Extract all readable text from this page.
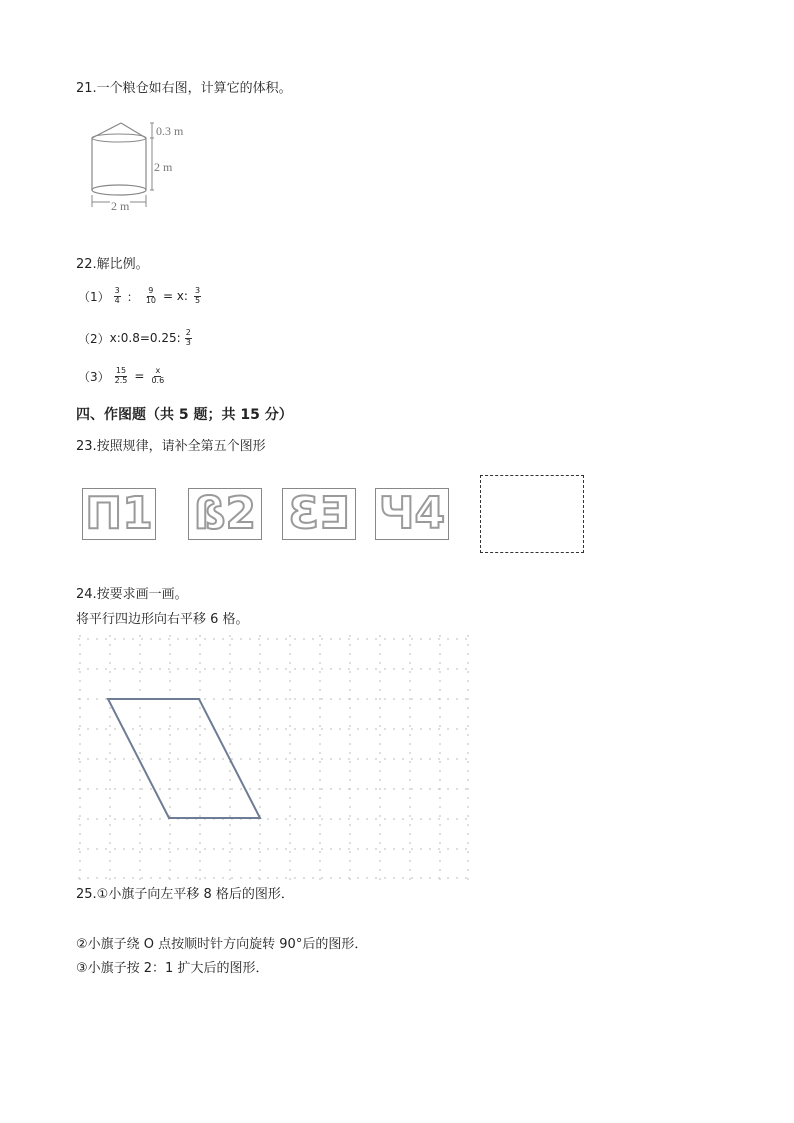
21.一个粮仓如右图，计算它的体积。
0.3 m
2 m
2 m
22.解比例。
$(1) \frac{3}{4}$ ： $\frac{9}{10} = x$: $\frac{3}{5}$
（2） x:0.8=0.25: $\frac{2}{3}$
$(3) \frac{15}{2.5} = \frac{x}{0.6}$
四、作图题（共 5 题；共 15 分）
23.按照规律，请补全第五个图形
Π1 ß2 ƐƎ Ч4
24.按要求画一画。
将平行四边形向右平移 6 格。
25.①小旗子向左平移 8 格后的图形．
②小旗子绕 O 点按顺时针方向旋转 90°后的图形．
③小旗子按 2：1 扩大后的图形．
